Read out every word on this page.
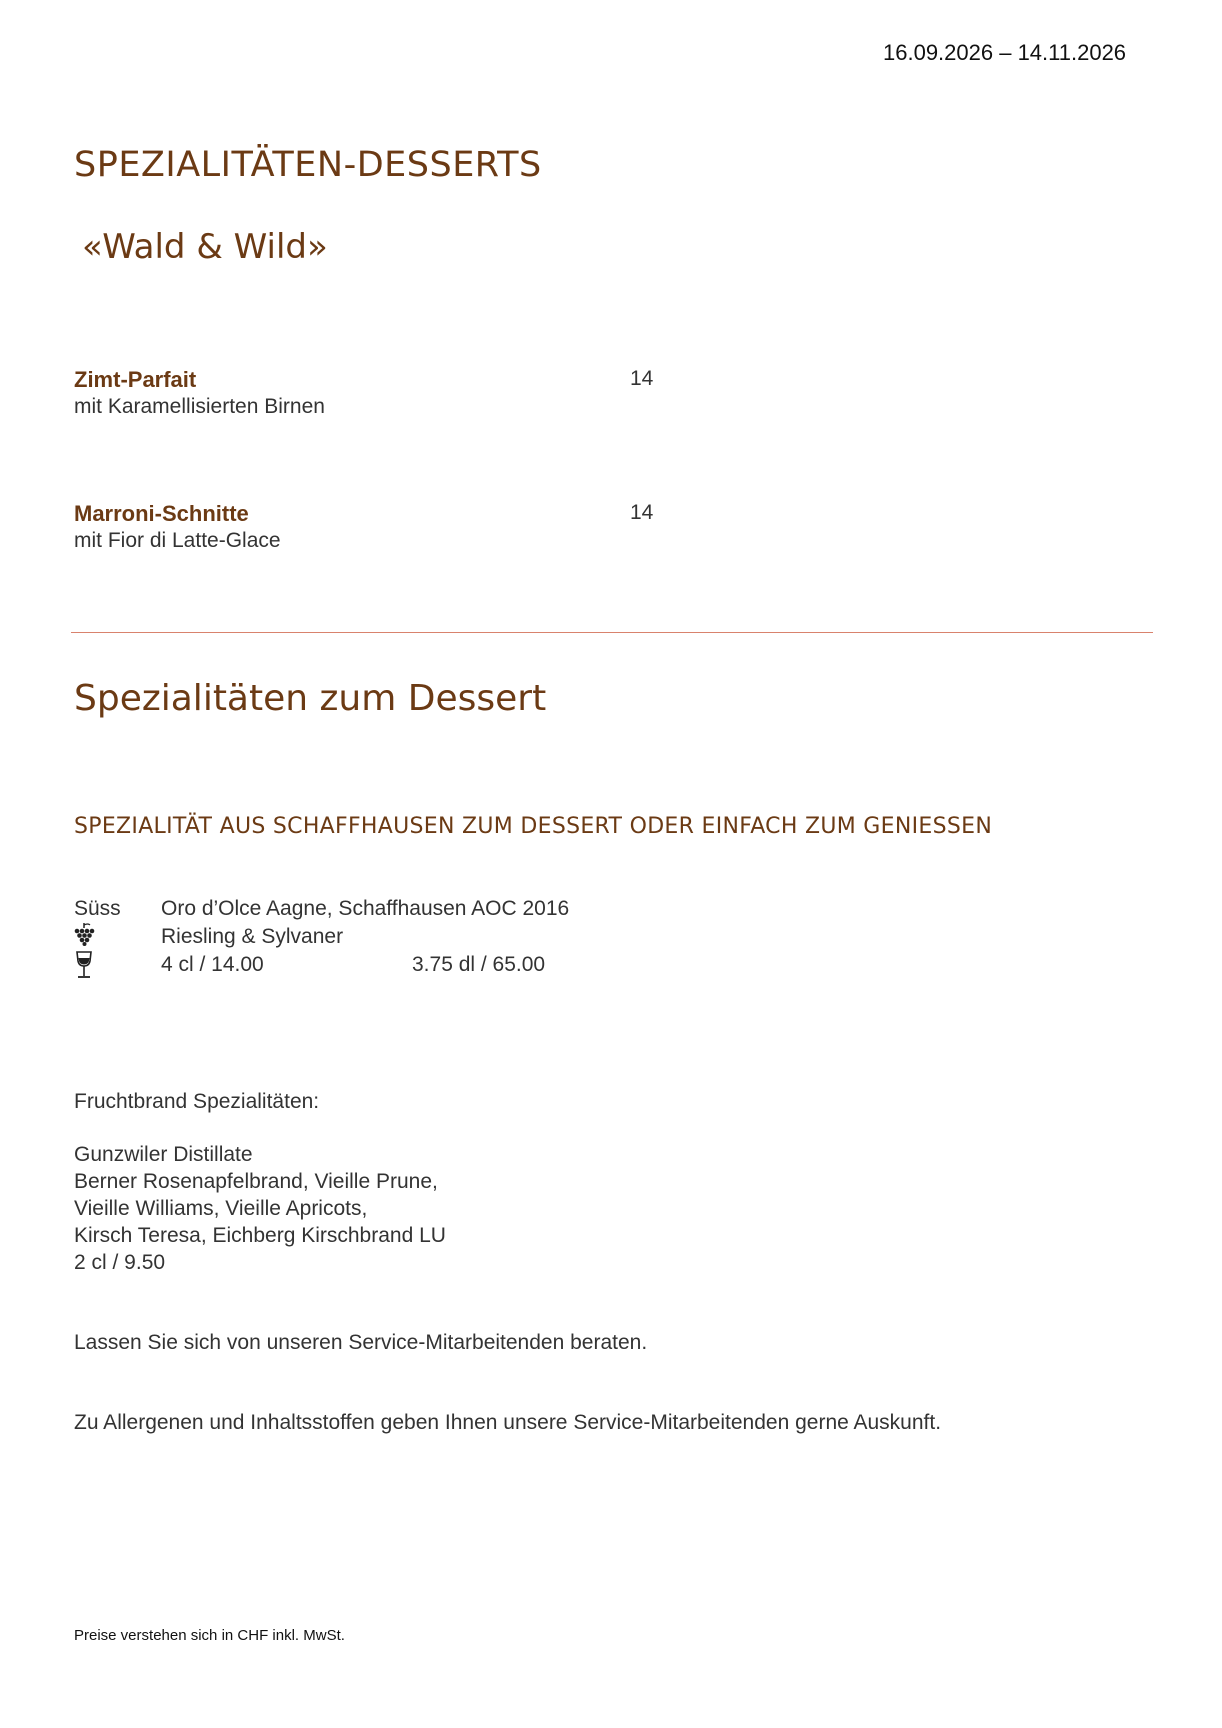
16.09.2026 – 14.11.2026
SPEZIALITÄTEN-DESSERTS
«Wald & Wild»
Zimt-Parfait
mit Karamellisierten Birnen
14
Marroni-Schnitte
mit Fior di Latte-Glace
14
Spezialitäten zum Dessert
SPEZIALITÄT AUS SCHAFFHAUSEN ZUM DESSERT ODER EINFACH ZUM GENIESSEN
Süss Oro d’Olce Aagne, Schaffhausen AOC 2016
Riesling & Sylvaner
4 cl / 14.00	3.75 dl / 65.00
Fruchtbrand Spezialitäten:
Gunzwiler Distillate
Berner Rosenapfelbrand, Vieille Prune,
Vieille Williams, Vieille Apricots,
Kirsch Teresa, Eichberg Kirschbrand LU
2 cl / 9.50
Lassen Sie sich von unseren Service-Mitarbeitenden beraten.
Zu Allergenen und Inhaltsstoffen geben Ihnen unsere Service-Mitarbeitenden gerne Auskunft.
Preise verstehen sich in CHF inkl. MwSt.
